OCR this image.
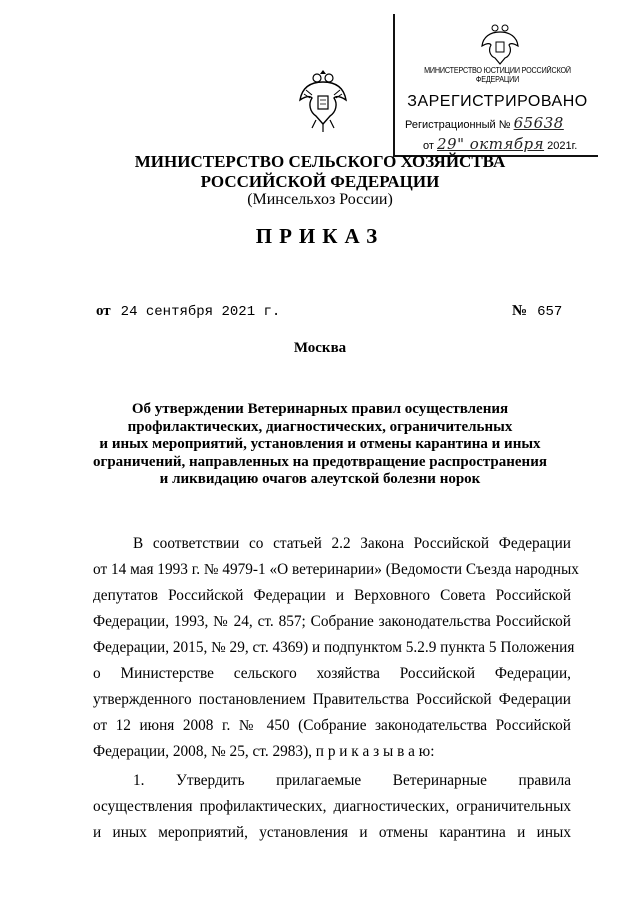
МИНИСТЕРСТВО ЮСТИЦИИ РОССИЙСКОЙ ФЕДЕРАЦИИ
ЗАРЕГИСТРИРОВАНО
Регистрационный № 65638
от 29" октября 2021г.
МИНИСТЕРСТВО СЕЛЬСКОГО ХОЗЯЙСТВА
РОССИЙСКОЙ ФЕДЕРАЦИИ
(Минсельхоз России)
ПРИКАЗ
от 24 сентября 2021 г.	№ 657
Москва
Об утверждении Ветеринарных правил осуществления
профилактических, диагностических, ограничительных
и иных мероприятий, установления и отмены карантина и иных
ограничений, направленных на предотвращение распространения
и ликвидацию очагов алеутской болезни норок
В соответствии со статьей 2.2 Закона Российской Федерации
от 14 мая 1993 г. № 4979-1 «О ветеринарии» (Ведомости Съезда народных
депутатов Российской Федерации и Верховного Совета Российской
Федерации, 1993, № 24, ст. 857; Собрание законодательства Российской
Федерации, 2015, № 29, ст. 4369) и подпунктом 5.2.9 пункта 5 Положения
о Министерстве сельского хозяйства Российской Федерации,
утвержденного постановлением Правительства Российской Федерации
от 12 июня 2008 г. № 450 (Собрание законодательства Российской
Федерации, 2008, № 25, ст. 2983), п р и к а з ы в а ю:
1. Утвердить прилагаемые Ветеринарные правила
осуществления профилактических, диагностических, ограничительных
и иных мероприятий, установления и отмены карантина и иных
